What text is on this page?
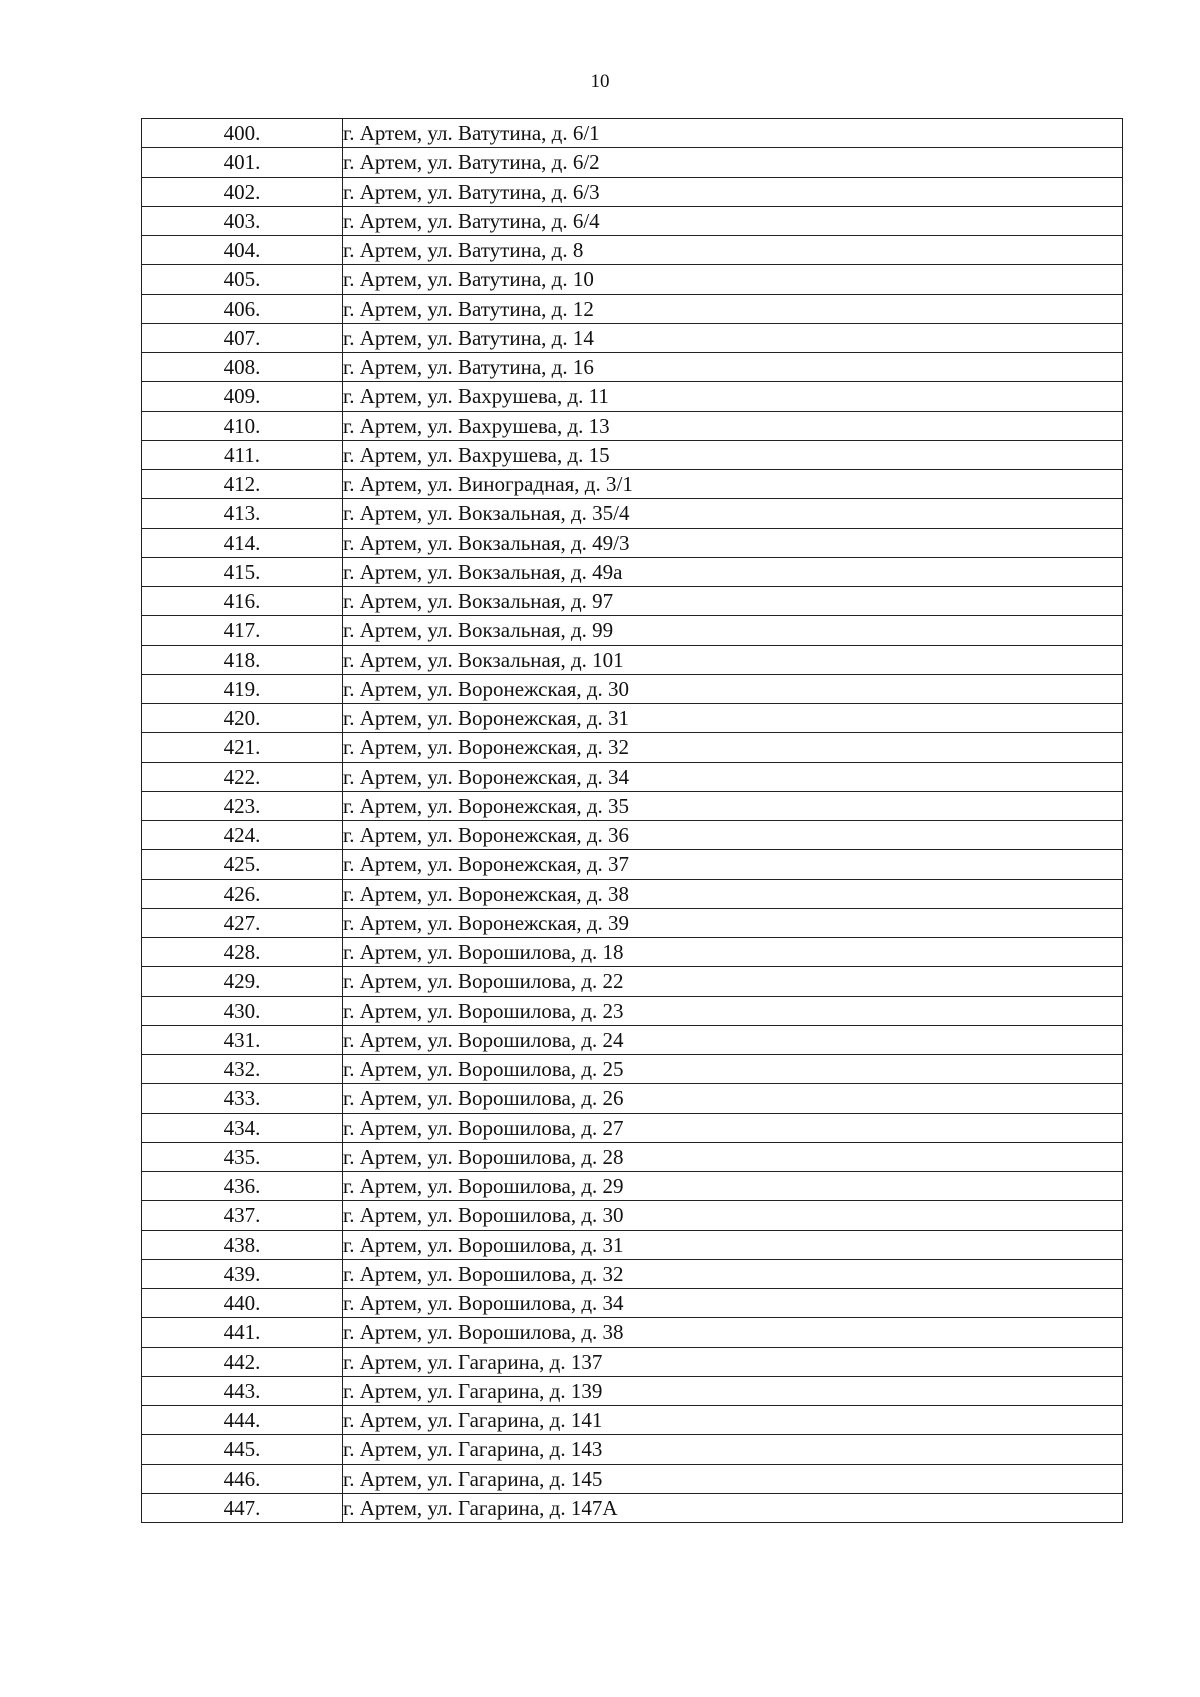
10
400.	г. Артем, ул. Ватутина, д. 6/1
401.	г. Артем, ул. Ватутина, д. 6/2
402.	г. Артем, ул. Ватутина, д. 6/3
403.	г. Артем, ул. Ватутина, д. 6/4
404.	г. Артем, ул. Ватутина, д. 8
405.	г. Артем, ул. Ватутина, д. 10
406.	г. Артем, ул. Ватутина, д. 12
407.	г. Артем, ул. Ватутина, д. 14
408.	г. Артем, ул. Ватутина, д. 16
409.	г. Артем, ул. Вахрушева, д. 11
410.	г. Артем, ул. Вахрушева, д. 13
411.	г. Артем, ул. Вахрушева, д. 15
412.	г. Артем, ул. Виноградная, д. 3/1
413.	г. Артем, ул. Вокзальная, д. 35/4
414.	г. Артем, ул. Вокзальная, д. 49/3
415.	г. Артем, ул. Вокзальная, д. 49а
416.	г. Артем, ул. Вокзальная, д. 97
417.	г. Артем, ул. Вокзальная, д. 99
418.	г. Артем, ул. Вокзальная, д. 101
419.	г. Артем, ул. Воронежская, д. 30
420.	г. Артем, ул. Воронежская, д. 31
421.	г. Артем, ул. Воронежская, д. 32
422.	г. Артем, ул. Воронежская, д. 34
423.	г. Артем, ул. Воронежская, д. 35
424.	г. Артем, ул. Воронежская, д. 36
425.	г. Артем, ул. Воронежская, д. 37
426.	г. Артем, ул. Воронежская, д. 38
427.	г. Артем, ул. Воронежская, д. 39
428.	г. Артем, ул. Ворошилова, д. 18
429.	г. Артем, ул. Ворошилова, д. 22
430.	г. Артем, ул. Ворошилова, д. 23
431.	г. Артем, ул. Ворошилова, д. 24
432.	г. Артем, ул. Ворошилова, д. 25
433.	г. Артем, ул. Ворошилова, д. 26
434.	г. Артем, ул. Ворошилова, д. 27
435.	г. Артем, ул. Ворошилова, д. 28
436.	г. Артем, ул. Ворошилова, д. 29
437.	г. Артем, ул. Ворошилова, д. 30
438.	г. Артем, ул. Ворошилова, д. 31
439.	г. Артем, ул. Ворошилова, д. 32
440.	г. Артем, ул. Ворошилова, д. 34
441.	г. Артем, ул. Ворошилова, д. 38
442.	г. Артем, ул. Гагарина, д. 137
443.	г. Артем, ул. Гагарина, д. 139
444.	г. Артем, ул. Гагарина, д. 141
445.	г. Артем, ул. Гагарина, д. 143
446.	г. Артем, ул. Гагарина, д. 145
447.	г. Артем, ул. Гагарина, д. 147А
